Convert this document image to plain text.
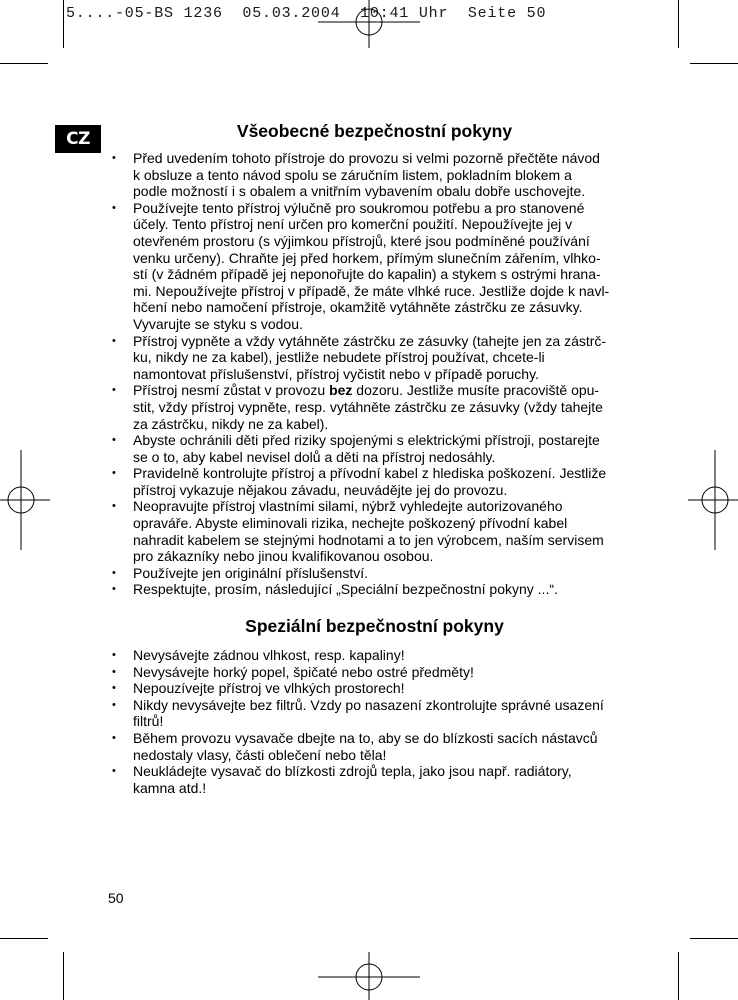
5....-05-BS 1236  05.03.2004  10:41 Uhr  Seite 50
CZ	Všeobecné bezpečnostní pokyny
• Před uvedením tohoto přístroje do provozu si velmi pozorně přečtěte návod
k obsluze a tento návod spolu se záručním listem, pokladním blokem a
podle možností i s obalem a vnitřním vybavením obalu dobře uschovejte.
• Používejte tento přístroj výlučně pro soukromou potřebu a pro stanovené
účely. Tento přístroj není určen pro komerční použití. Nepoužívejte jej v
otevřeném prostoru (s výjimkou přístrojů, které jsou podmíněné používání
venku určeny). Chraňte jej před horkem, přímým slunečním zářením, vlhko-
stí (v žádném případě jej neponořujte do kapalin) a stykem s ostrými hrana-
mi. Nepoužívejte přístroj v případě, že máte vlhké ruce. Jestliže dojde k navl-
hčení nebo namočení přístroje, okamžitě vytáhněte zástrčku ze zásuvky.
Vyvarujte se styku s vodou.
• Přístroj vypněte a vždy vytáhněte zástrčku ze zásuvky (tahejte jen za zástrč-
ku, nikdy ne za kabel), jestliže nebudete přístroj používat, chcete-li
namontovat příslušenství, přístroj vyčistit nebo v případě poruchy.
• Přístroj nesmí zůstat v provozu bez dozoru. Jestliže musíte pracoviště opu-
stit, vždy přístroj vypněte, resp. vytáhněte zástrčku ze zásuvky (vždy tahejte
za zástrčku, nikdy ne za kabel).
• Abyste ochránili děti před riziky spojenými s elektrickými přístroji, postarejte
se o to, aby kabel nevisel dolů a děti na přístroj nedosáhly.
• Pravidelně kontrolujte přístroj a přívodní kabel z hlediska poškození. Jestliže
přístroj vykazuje nějakou závadu, neuvádějte jej do provozu.
• Neopravujte přístroj vlastními silami, nýbrž vyhledejte autorizovaného
opraváře. Abyste eliminovali rizika, nechejte poškozený přívodní kabel
nahradit kabelem se stejnými hodnotami a to jen výrobcem, naším servisem
pro zákazníky nebo jinou kvalifikovanou osobou.
• Používejte jen originální příslušenství.
• Respektujte, prosím, následující „Speciální bezpečnostní pokyny ...“.
Speziální bezpečnostní pokyny
• Nevysávejte zádnou vlhkost, resp. kapaliny!
• Nevysávejte horký popel, špičaté nebo ostré předměty!
• Nepouzívejte přístroj ve vlhkých prostorech!
• Nikdy nevysávejte bez filtrů. Vzdy po nasazení zkontrolujte správné usazení
filtrů!
• Během provozu vysavače dbejte na to, aby se do blízkosti sacích nástavců
nedostaly vlasy, části oblečení nebo těla!
• Neukládejte vysavač do blízkosti zdrojů tepla, jako jsou např. radiátory,
kamna atd.!
50
